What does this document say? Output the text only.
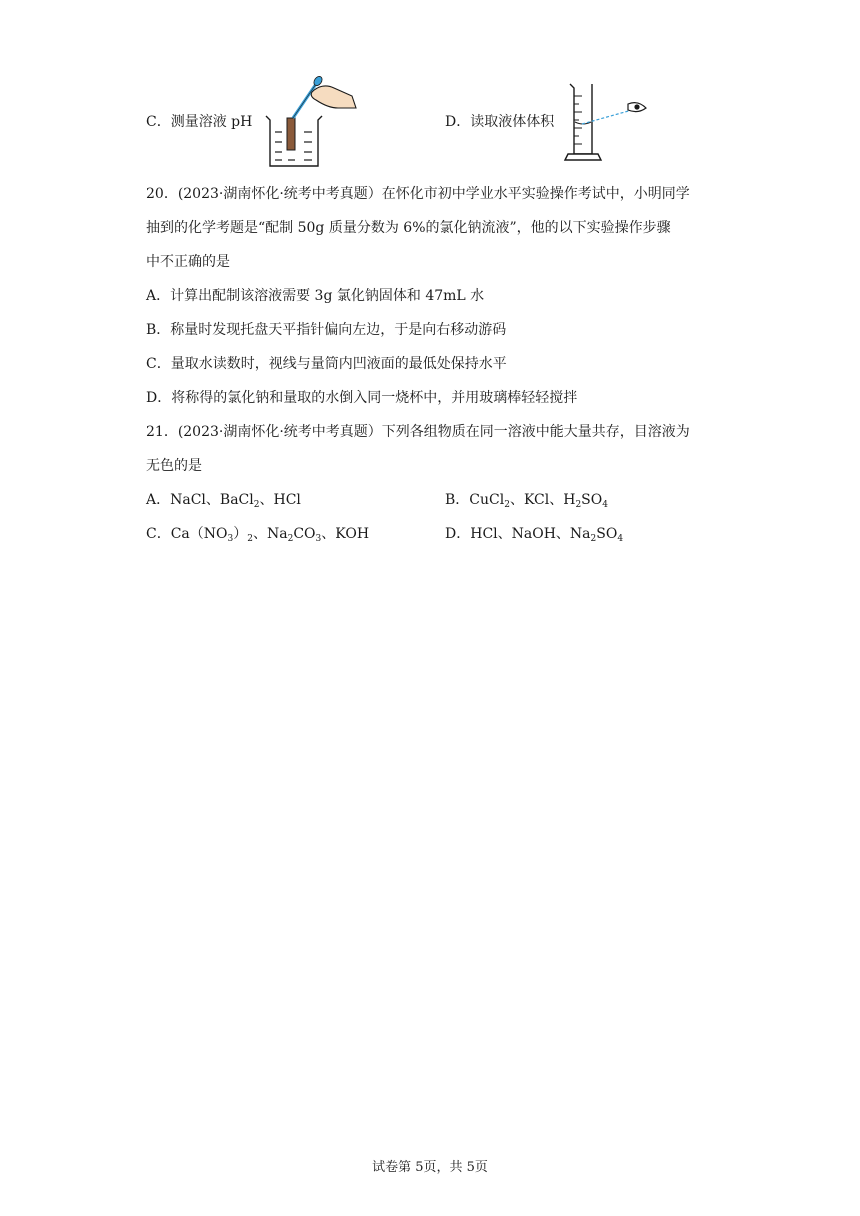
C．测量溶液 pH	D．读取液体体积
20．(2023·湖南怀化·统考中考真题）在怀化市初中学业水平实验操作考试中，小明同学
抽到的化学考题是“配制 50g 质量分数为 6%的氯化钠流液”，他的以下实验操作步骤
中不正确的是
A．计算出配制该溶液需要 3g 氯化钠固体和 47mL 水
B．称量时发现托盘天平指针偏向左边，于是向右移动游码
C．量取水读数时，视线与量筒内凹液面的最低处保持水平
D．将称得的氯化钠和量取的水倒入同一烧杯中，并用玻璃棒轻轻搅拌
21．(2023·湖南怀化·统考中考真题）下列各组物质在同一溶液中能大量共存，目溶液为
无色的是
A．NaCl、BaCl$_2$、HCl	B．CuCl$_2$、KCl、$H_2SO_4$
C．$Ca(NO_3)_2$、$Na_2CO_3$、KOH	D．HCl、NaOH、$Na_2SO_4$
试卷第 5页，共 5页
